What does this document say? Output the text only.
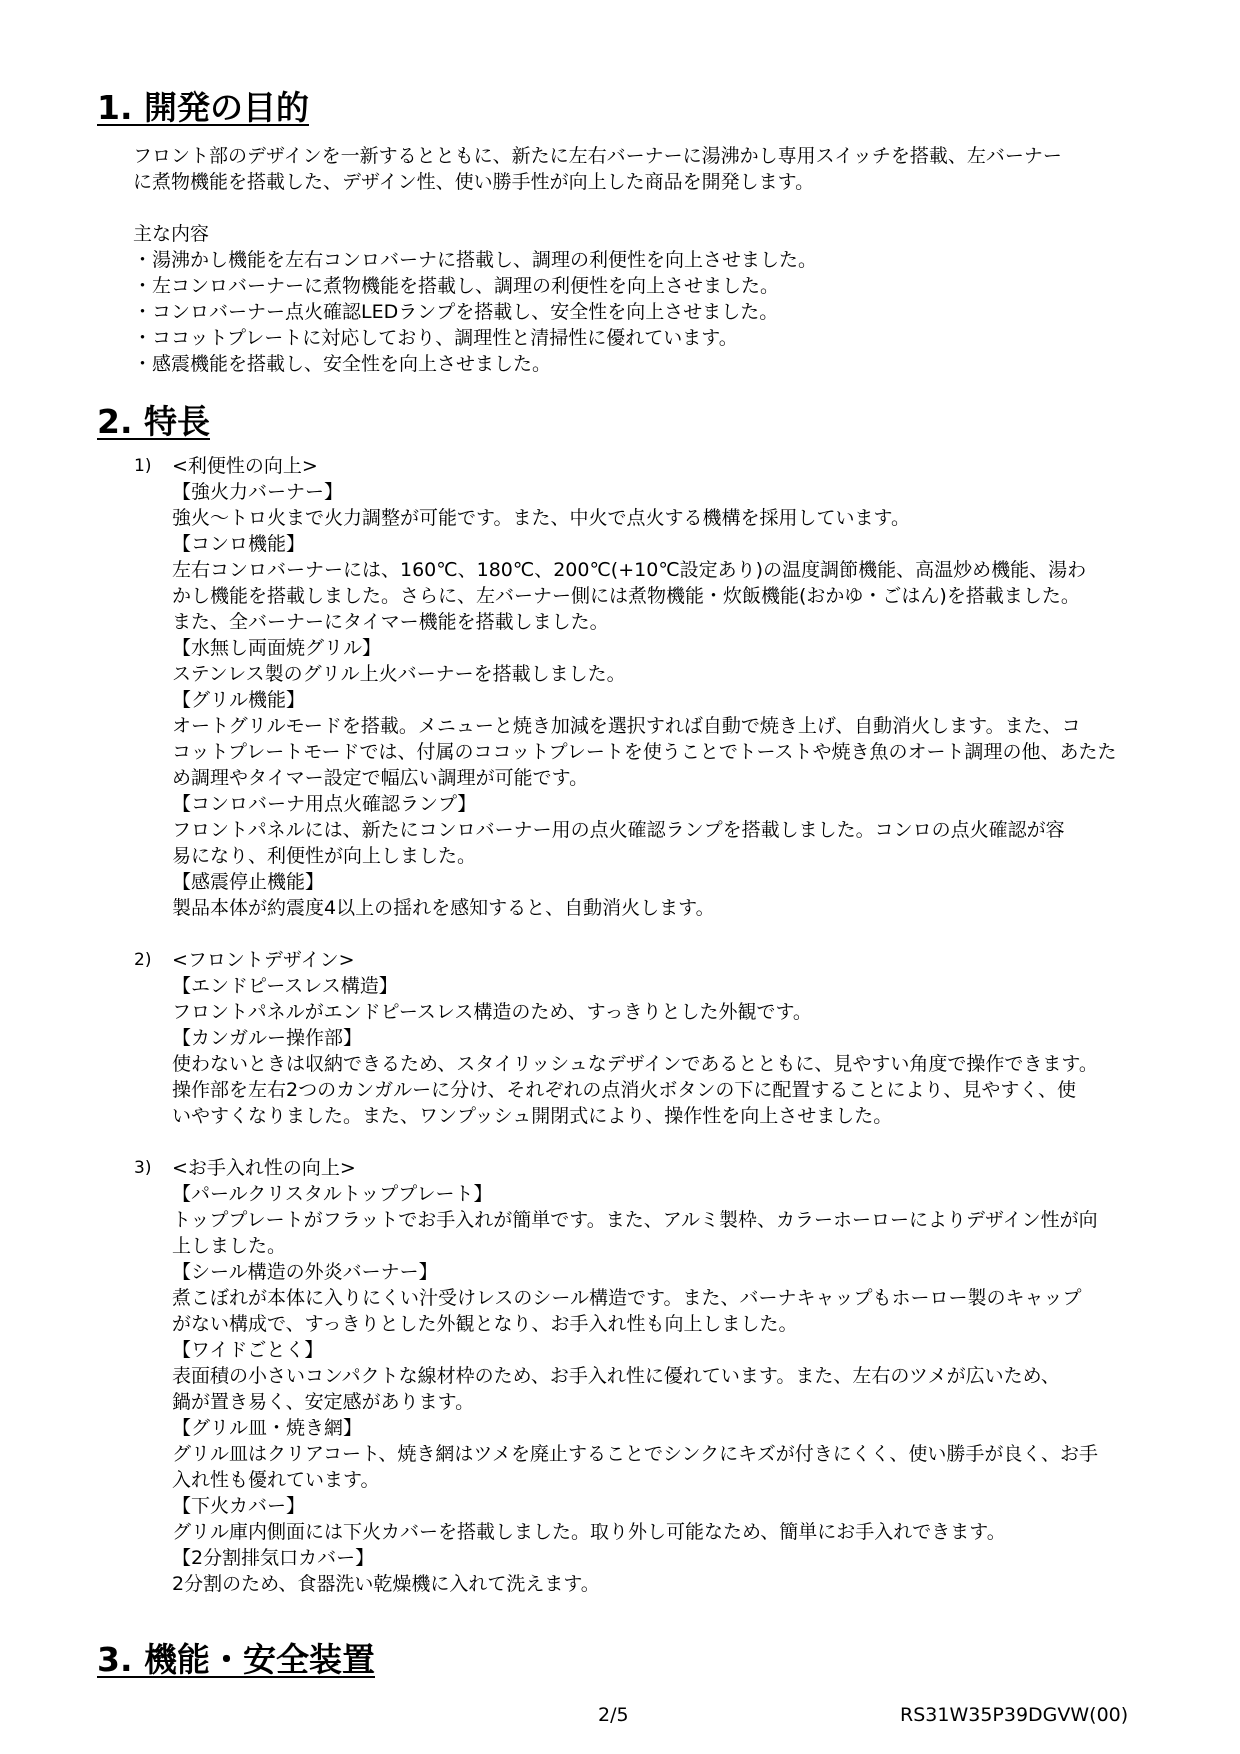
1. 開発の目的

フロント部のデザインを一新するとともに、新たに左右バーナーに湯沸かし専用スイッチを搭載、左バーナー

に煮物機能を搭載した、デザイン性、使い勝手性が向上した商品を開発します。

主な内容

・湯沸かし機能を左右コンロバーナに搭載し、調理の利便性を向上させました。

・左コンロバーナーに煮物機能を搭載し、調理の利便性を向上させました。

・コンロバーナー点火確認LEDランプを搭載し、安全性を向上させました。

・ココットプレートに対応しており、調理性と清掃性に優れています。

・感震機能を搭載し、安全性を向上させました。

2. 特長
1) <利便性の向上>

【強火力バーナー】

強火～トロ火まで火力調整が可能です。また、中火で点火する機構を採用しています。

【コンロ機能】

左右コンロバーナーには、160℃、180℃、200℃(+10℃設定あり)の温度調節機能、高温炒め機能、湯わ

かし機能を搭載しました。さらに、左バーナー側には煮物機能・炊飯機能(おかゆ・ごはん)を搭載ました。

また、全バーナーにタイマー機能を搭載しました。

【水無し両面焼グリル】

ステンレス製のグリル上火バーナーを搭載しました。

【グリル機能】

オートグリルモードを搭載。メニューと焼き加減を選択すれば自動で焼き上げ、自動消火します。また、コ

コットプレートモードでは、付属のココットプレートを使うことでトーストや焼き魚のオート調理の他、あたた

め調理やタイマー設定で幅広い調理が可能です。

【コンロバーナ用点火確認ランプ】

フロントパネルには、新たにコンロバーナー用の点火確認ランプを搭載しました。コンロの点火確認が容

易になり、利便性が向上しました。

【感震停止機能】

製品本体が約震度4以上の揺れを感知すると、自動消火します。

2) <フロントデザイン>

【エンドピースレス構造】

フロントパネルがエンドピースレス構造のため、すっきりとした外観です。

【カンガルー操作部】

使わないときは収納できるため、スタイリッシュなデザインであるとともに、見やすい角度で操作できます。

操作部を左右2つのカンガルーに分け、それぞれの点消火ボタンの下に配置することにより、見やすく、使

いやすくなりました。また、ワンプッシュ開閉式により、操作性を向上させました。

3) <お手入れ性の向上>

【パールクリスタルトッププレート】

トッププレートがフラットでお手入れが簡単です。また、アルミ製枠、カラーホーローによりデザイン性が向

上しました。

【シール構造の外炎バーナー】

煮こぼれが本体に入りにくい汁受けレスのシール構造です。また、バーナキャップもホーロー製のキャップ

がない構成で、すっきりとした外観となり、お手入れ性も向上しました。

【ワイドごとく】

表面積の小さいコンパクトな線材枠のため、お手入れ性に優れています。また、左右のツメが広いため、

鍋が置き易く、安定感があります。

【グリル皿・焼き網】

グリル皿はクリアコート、焼き網はツメを廃止することでシンクにキズが付きにくく、使い勝手が良く、お手

入れ性も優れています。

【下火カバー】

グリル庫内側面には下火カバーを搭載しました。取り外し可能なため、簡単にお手入れできます。

【2分割排気口カバー】

2分割のため、食器洗い乾燥機に入れて洗えます。

3. 機能・安全装置
2/5	RS31W35P39DGVW(00)
